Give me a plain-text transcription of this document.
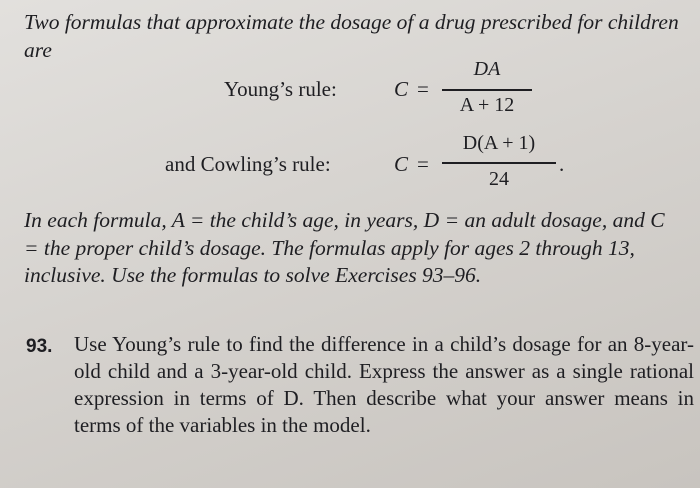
Two formulas that approximate the dosage of a drug prescribed for children are
Young’s rule:	C =
DA
A + 12
and Cowling’s rule:	C =
D(A + 1)
24
.
In each formula, A = the child’s age, in years, D = an adult dosage, and C = the proper child’s dosage. The formulas apply for ages 2 through 13, inclusive. Use the formulas to solve Exercises 93–96.
93. Use Young’s rule to find the difference in a child’s dosage for an 8-year-old child and a 3-year-old child. Express the answer as a single rational expression in terms of D. Then describe what your answer means in terms of the variables in the model.
